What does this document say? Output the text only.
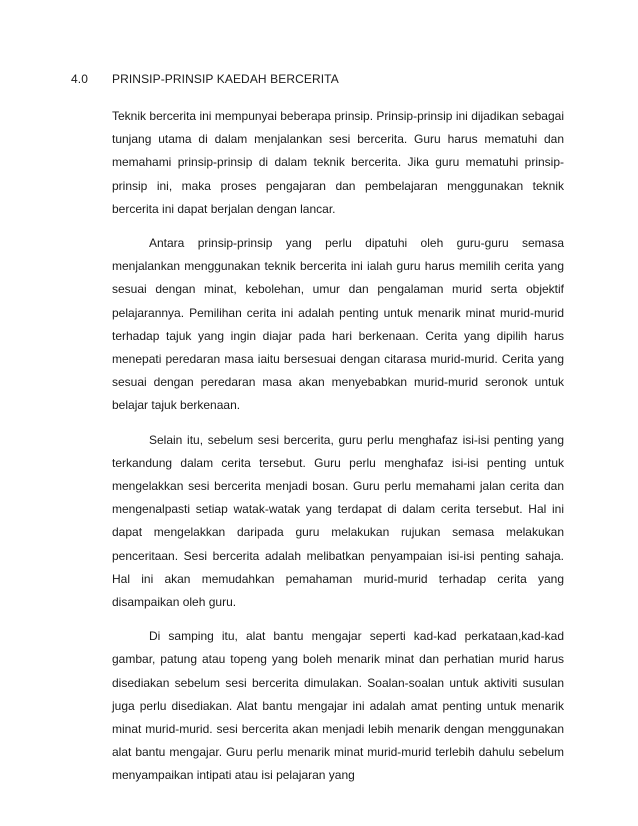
4.0	PRINSIP-PRINSIP KAEDAH BERCERITA

Teknik bercerita ini mempunyai beberapa prinsip. Prinsip-prinsip ini dijadikan sebagai tunjang utama di dalam menjalankan sesi bercerita. Guru harus mematuhi dan memahami prinsip-prinsip di dalam teknik bercerita. Jika guru mematuhi prinsip-prinsip ini, maka proses pengajaran dan pembelajaran menggunakan teknik bercerita ini dapat berjalan dengan lancar.

Antara prinsip-prinsip yang perlu dipatuhi oleh guru-guru semasa menjalankan menggunakan teknik bercerita ini ialah guru harus memilih cerita yang sesuai dengan minat, kebolehan, umur dan pengalaman murid serta objektif pelajarannya. Pemilihan cerita ini adalah penting untuk menarik minat murid-murid terhadap tajuk yang ingin diajar pada hari berkenaan. Cerita yang dipilih harus menepati peredaran masa iaitu bersesuai dengan citarasa murid-murid. Cerita yang sesuai dengan peredaran masa akan menyebabkan murid-murid seronok untuk belajar tajuk berkenaan.

Selain itu, sebelum sesi bercerita, guru perlu menghafaz isi-isi penting yang terkandung dalam cerita tersebut. Guru perlu menghafaz isi-isi penting untuk mengelakkan sesi bercerita menjadi bosan. Guru perlu memahami jalan cerita dan mengenalpasti setiap watak-watak yang terdapat di dalam cerita tersebut. Hal ini dapat mengelakkan daripada guru melakukan rujukan semasa melakukan penceritaan. Sesi bercerita adalah melibatkan penyampaian isi-isi penting sahaja. Hal ini akan memudahkan pemahaman murid-murid terhadap cerita yang disampaikan oleh guru.

Di samping itu, alat bantu mengajar seperti kad-kad perkataan,kad-kad gambar, patung atau topeng yang boleh menarik minat dan perhatian murid harus disediakan sebelum sesi bercerita dimulakan. Soalan-soalan untuk aktiviti susulan juga perlu disediakan. Alat bantu mengajar ini adalah amat penting untuk menarik minat murid-murid. sesi bercerita akan menjadi lebih menarik dengan menggunakan alat bantu mengajar. Guru perlu menarik minat murid-murid terlebih dahulu sebelum menyampaikan intipati atau isi pelajaran yang
